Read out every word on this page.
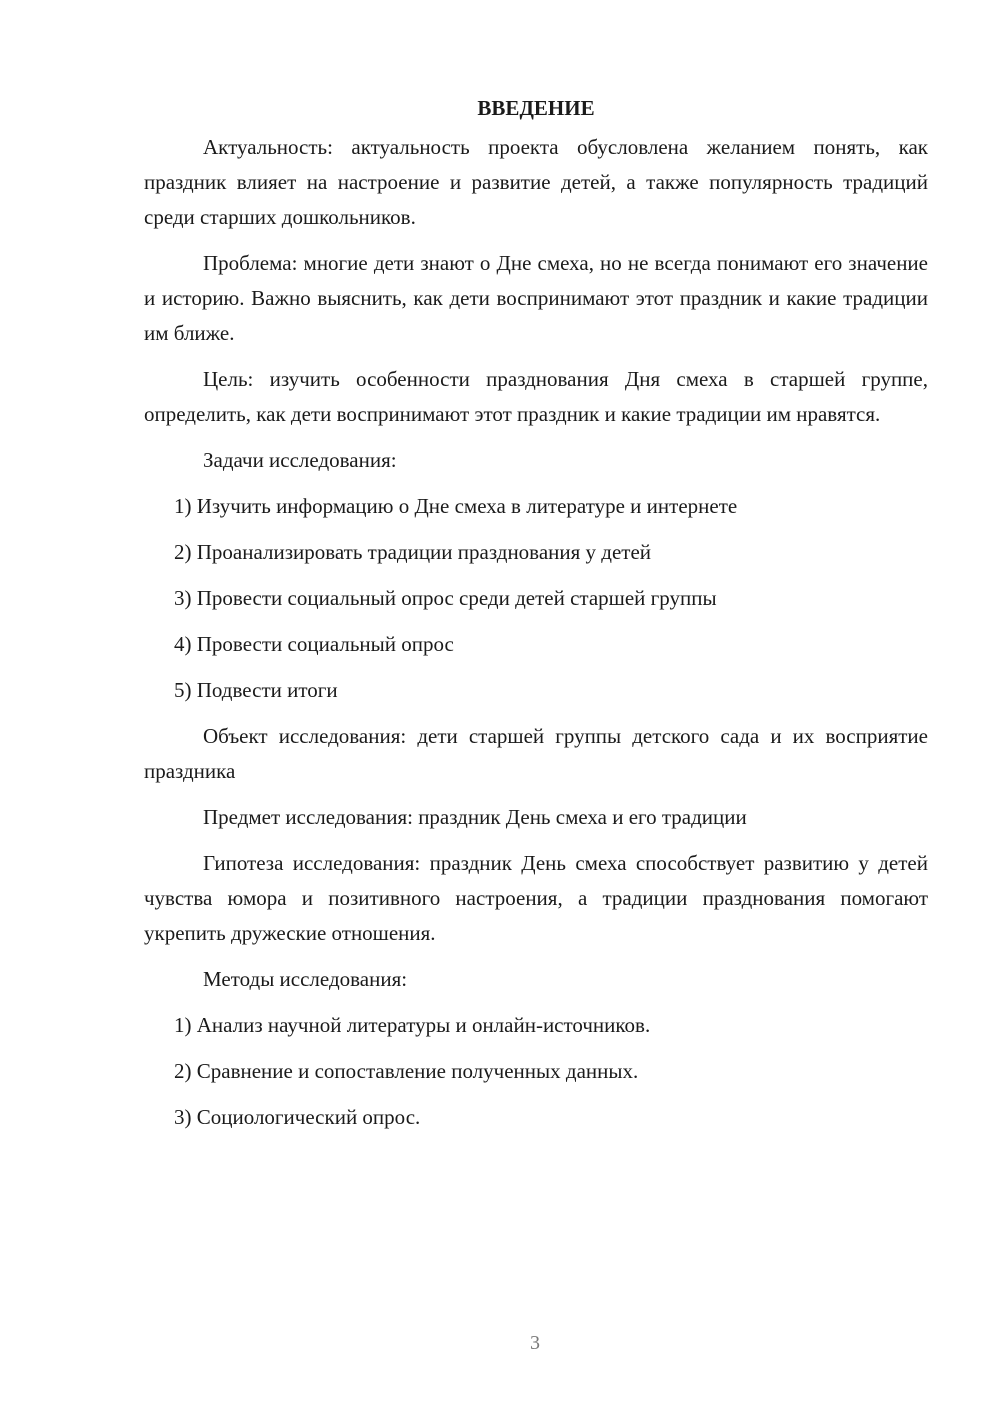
ВВЕДЕНИЕ

Актуальность: актуальность проекта обусловлена желанием понять, как праздник влияет на настроение и развитие детей, а также популярность традиций среди старших дошкольников.

Проблема: многие дети знают о Дне смеха, но не всегда понимают его значение и историю. Важно выяснить, как дети воспринимают этот праздник и какие традиции им ближе.

Цель: изучить особенности празднования Дня смеха в старшей группе, определить, как дети воспринимают этот праздник и какие традиции им нравятся.

Задачи исследования:

1) Изучить информацию о Дне смеха в литературе и интернете
2) Проанализировать традиции празднования у детей
3) Провести социальный опрос среди детей старшей группы
4) Провести социальный опрос
5) Подвести итоги

Объект исследования: дети старшей группы детского сада и их восприятие праздника

Предмет исследования: праздник День смеха и его традиции

Гипотеза исследования: праздник День смеха способствует развитию у детей чувства юмора и позитивного настроения, а традиции празднования помогают укрепить дружеские отношения.

Методы исследования:

1) Анализ научной литературы и онлайн-источников.
2) Сравнение и сопоставление полученных данных.
3) Социологический опрос.
3
